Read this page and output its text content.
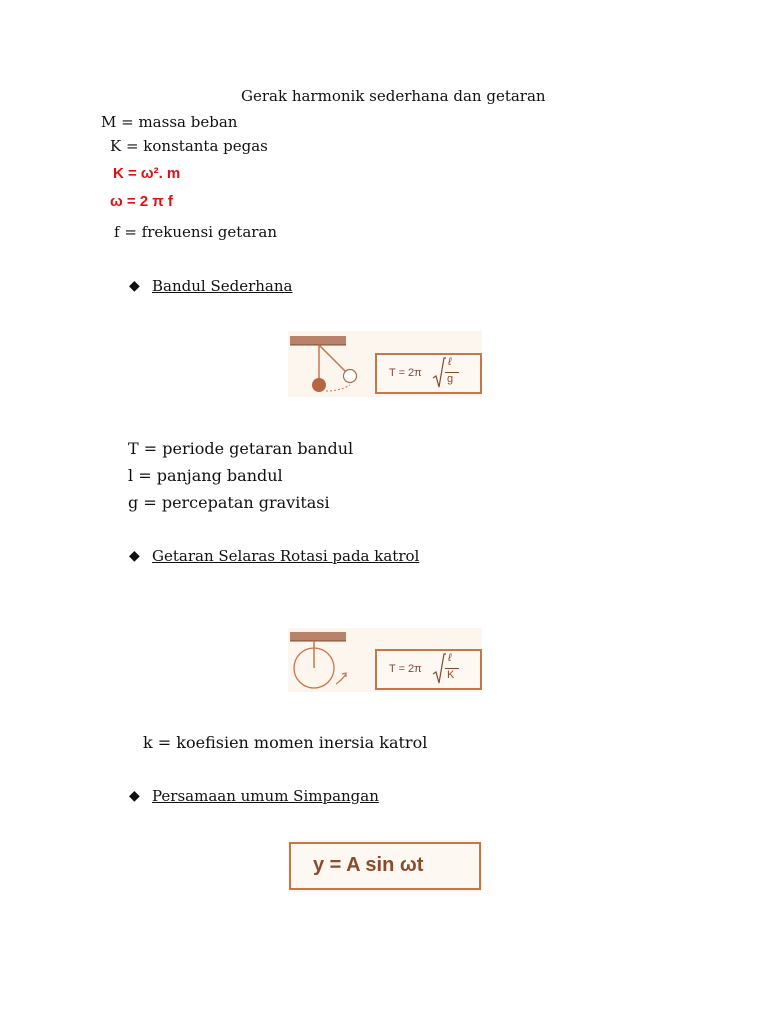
Gerak harmonik sederhana dan getaran
M = massa beban
K = konstanta pegas
K = ω². m
ω = 2 π f
f = frekuensi getaran
◆ Bandul Sederhana
T = 2π
ℓ
g
T = periode getaran bandul
l = panjang bandul
g = percepatan gravitasi
◆ Getaran Selaras Rotasi pada katrol
T = 2π
ℓ
K
k = koefisien momen inersia katrol
◆ Persamaan umum Simpangan
y = A sin ωt
